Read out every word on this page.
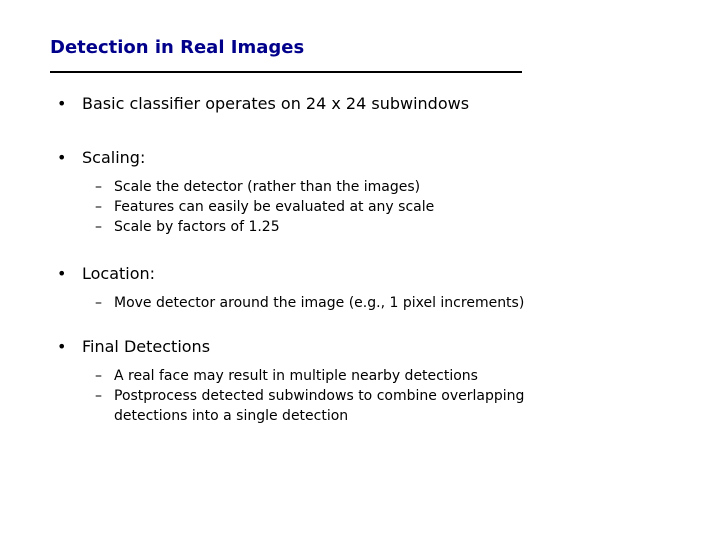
Detection in Real Images
• Basic classifier operates on 24 x 24 subwindows
• Scaling:
– Scale the detector (rather than the images)
– Features can easily be evaluated at any scale
– Scale by factors of 1.25
• Location:
– Move detector around the image (e.g., 1 pixel increments)
• Final Detections
– A real face may result in multiple nearby detections
– Postprocess detected subwindows to combine overlapping
detections into a single detection
